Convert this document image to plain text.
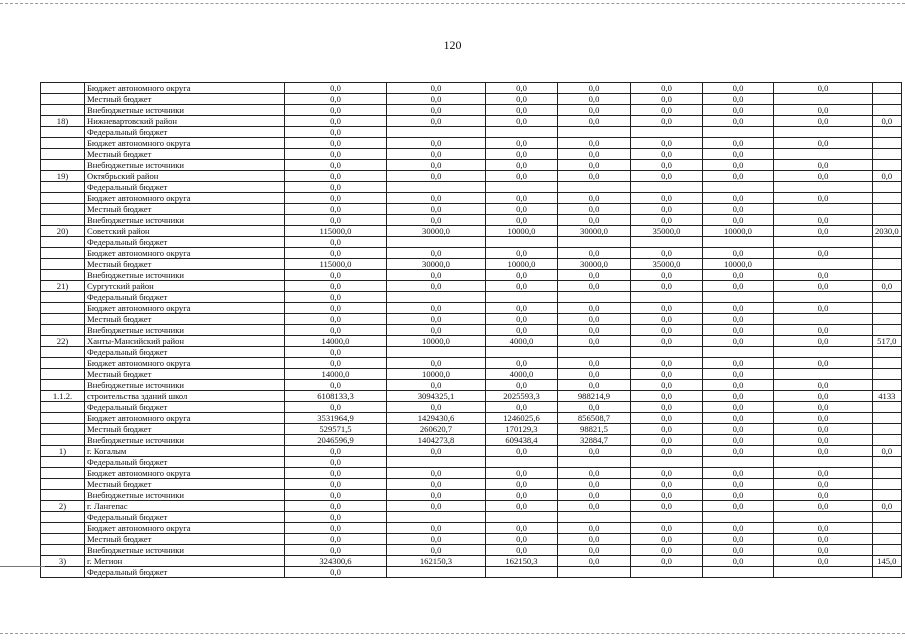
120
	Бюджет автономного округа	0,0	0,0	0,0	0,0	0,0	0,0	0,0	
	Местный бюджет	0,0	0,0	0,0	0,0	0,0	0,0		
	Внебюджетные источники	0,0	0,0	0,0	0,0	0,0	0,0	0,0	
18)	Нижневартовский район	0,0	0,0	0,0	0,0	0,0	0,0	0,0	0,0
	Федеральный бюджет	0,0							
	Бюджет автономного округа	0,0	0,0	0,0	0,0	0,0	0,0	0,0	
	Местный бюджет	0,0	0,0	0,0	0,0	0,0	0,0		
	Внебюджетные источники	0,0	0,0	0,0	0,0	0,0	0,0	0,0	
19)	Октябрьский район	0,0	0,0	0,0	0,0	0,0	0,0	0,0	0,0
	Федеральный бюджет	0,0							
	Бюджет автономного округа	0,0	0,0	0,0	0,0	0,0	0,0	0,0	
	Местный бюджет	0,0	0,0	0,0	0,0	0,0	0,0		
	Внебюджетные источники	0,0	0,0	0,0	0,0	0,0	0,0	0,0	
20)	Советский район	115000,0	30000,0	10000,0	30000,0	35000,0	10000,0	0,0	2030,0
	Федеральный бюджет	0,0							
	Бюджет автономного округа	0,0	0,0	0,0	0,0	0,0	0,0	0,0	
	Местный бюджет	115000,0	30000,0	10000,0	30000,0	35000,0	10000,0		
	Внебюджетные источники	0,0	0,0	0,0	0,0	0,0	0,0	0,0	
21)	Сургутский район	0,0	0,0	0,0	0,0	0,0	0,0	0,0	0,0
	Федеральный бюджет	0,0							
	Бюджет автономного округа	0,0	0,0	0,0	0,0	0,0	0,0	0,0	
	Местный бюджет	0,0	0,0	0,0	0,0	0,0	0,0		
	Внебюджетные источники	0,0	0,0	0,0	0,0	0,0	0,0	0,0	
22)	Ханты-Мансийский район	14000,0	10000,0	4000,0	0,0	0,0	0,0	0,0	517,0
	Федеральный бюджет	0,0							
	Бюджет автономного округа	0,0	0,0	0,0	0,0	0,0	0,0	0,0	
	Местный бюджет	14000,0	10000,0	4000,0	0,0	0,0	0,0		
	Внебюджетные источники	0,0	0,0	0,0	0,0	0,0	0,0	0,0	
1.1.2.	строительства зданий школ	6108133,3	3094325,1	2025593,3	988214,9	0,0	0,0	0,0	4133
	Федеральный бюджет	0,0	0,0	0,0	0,0	0,0	0,0	0,0	
	Бюджет автономного округа	3531964,9	1429430,6	1246025,6	856508,7	0,0	0,0	0,0	
	Местный бюджет	529571,5	260620,7	170129,3	98821,5	0,0	0,0	0,0	
	Внебюджетные источники	2046596,9	1404273,8	609438,4	32884,7	0,0	0,0	0,0	
1)	г. Когалым	0,0	0,0	0,0	0,0	0,0	0,0	0,0	0,0
	Федеральный бюджет	0,0							
	Бюджет автономного округа	0,0	0,0	0,0	0,0	0,0	0,0	0,0	
	Местный бюджет	0,0	0,0	0,0	0,0	0,0	0,0	0,0	
	Внебюджетные источники	0,0	0,0	0,0	0,0	0,0	0,0	0,0	
2)	г. Лангепас	0,0	0,0	0,0	0,0	0,0	0,0	0,0	0,0
	Федеральный бюджет	0,0							
	Бюджет автономного округа	0,0	0,0	0,0	0,0	0,0	0,0	0,0	
	Местный бюджет	0,0	0,0	0,0	0,0	0,0	0,0	0,0	
	Внебюджетные источники	0,0	0,0	0,0	0,0	0,0	0,0	0,0	
3)	г. Мегион	324300,6	162150,3	162150,3	0,0	0,0	0,0	0,0	145,0
	Федеральный бюджет	0,0							
